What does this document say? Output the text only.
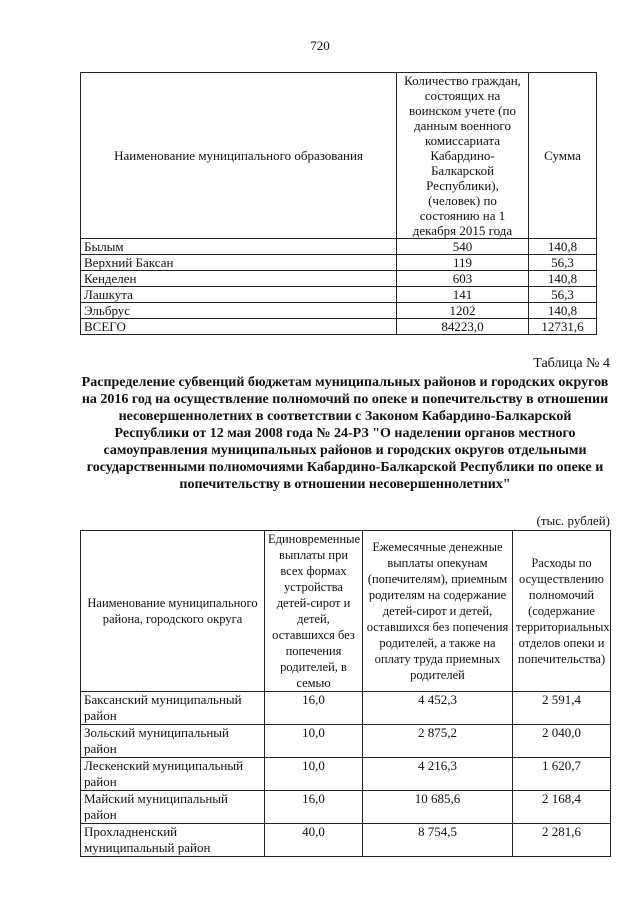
720
Наименование муниципального образования	Количество граждан, состоящих на воинском учете (по данным военного комиссариата Кабардино-Балкарской Республики), (человек) по состоянию на 1 декабря 2015 года	Сумма
Былым	540	140,8
Верхний Баксан	119	56,3
Кенделен	603	140,8
Лашкута	141	56,3
Эльбрус	1202	140,8
ВСЕГО	84223,0	12731,6
Таблица № 4
Распределение субвенций бюджетам муниципальных районов и городских округов на 2016 год на осуществление полномочий по опеке и попечительству в отношении несовершеннолетних в соответствии с Законом Кабардино-Балкарской Республики от 12 мая 2008 года № 24-РЗ "О наделении органов местного самоуправления муниципальных районов и городских округов отдельными государственными полномочиями Кабардино-Балкарской Республики по опеке и попечительству в отношении несовершеннолетних"
(тыс. рублей)
Наименование муниципального района, городского округа	Единовременные выплаты при всех формах устройства детей-сирот и детей, оставшихся без попечения родителей, в семью	Ежемесячные денежные выплаты опекунам (попечителям), приемным родителям на содержание детей-сирот и детей, оставшихся без попечения родителей, а также на оплату труда приемных родителей	Расходы по осуществлению полномочий (содержание территориальных отделов опеки и попечительства)
Баксанский муниципальный район	16,0	4 452,3	2 591,4
Зольский муниципальный район	10,0	2 875,2	2 040,0
Лескенский муниципальный район	10,0	4 216,3	1 620,7
Майский муниципальный район	16,0	10 685,6	2 168,4
Прохладненский муниципальный район	40,0	8 754,5	2 281,6
